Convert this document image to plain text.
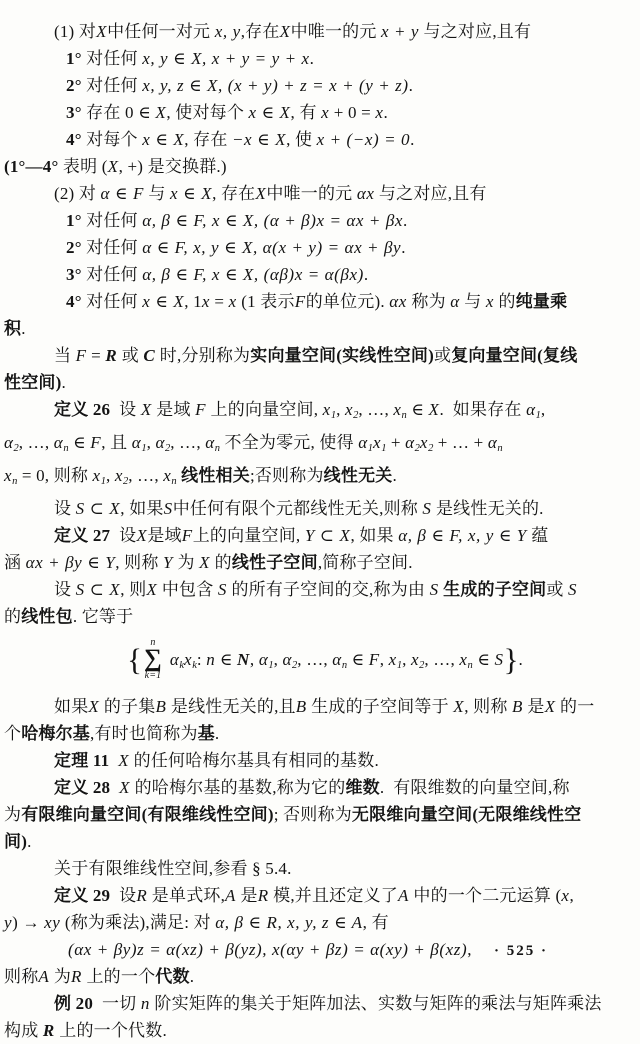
(1) 对X中任何一对元 x, y,存在X中唯一的元 x + y 与之对应,且有
1° 对任何 x, y ∈ X, x + y = y + x.
2° 对任何 x, y, z ∈ X, (x + y) + z = x + (y + z).
3° 存在 0 ∈ X, 使对每个 x ∈ X, 有 x + 0 = x.
4° 对每个 x ∈ X, 存在 −x ∈ X, 使 x + (−x) = 0.
(1°—4° 表明 (X, +) 是交换群.)
(2) 对 α ∈ F 与 x ∈ X, 存在X中唯一的元 αx 与之对应,且有
1° 对任何 α, β ∈ F, x ∈ X, (α + β)x = αx + βx.
2° 对任何 α ∈ F, x, y ∈ X, α(x + y) = αx + βy.
3° 对任何 α, β ∈ F, x ∈ X, (αβ)x = α(βx).
4° 对任何 x ∈ X, 1x = x (1 表示F的单位元). αx 称为 α 与 x 的纯量乘
积.
当 F = R 或 C 时,分别称为实向量空间(实线性空间)或复向量空间(复线
性空间).
定义 26  设 X 是域 F 上的向量空间, $x_1$, $x_2$, …, $x_n$ ∈ X.  如果存在 $\alpha_1$,
$\alpha_2$, …, $\alpha_n$ ∈ F, 且 $\alpha_1$, $\alpha_2$, …, $\alpha_n$ 不全为零元, 使得 $\alpha_1x_1 + \alpha_2x_2$ + … + $\alpha_n$
$x_n = 0$, 则称 $x_1$, $x_2$, …, $x_n$ 线性相关;否则称为线性无关.
设 S ⊂ X, 如果S中任何有限个元都线性无关,则称 S 是线性无关的.
定义 27  设X是域F上的向量空间, Y ⊂ X, 如果 α, β ∈ F, x, y ∈ Y 蕴
涵 αx + βy ∈ Y, 则称 Y 为 X 的线性子空间,简称子空间.
设 S ⊂ X, 则X 中包含 S 的所有子空间的交,称为由 S 生成的子空间或 S
的线性包. 它等于
{ n
∑
k=1
$\alpha_kx_k$: n ∈ N, $\alpha_1$, $\alpha_2$, …, $\alpha_n$ ∈ F, $x_1$, $x_2$, …, $x_n$ ∈ S}.
如果X 的子集B 是线性无关的,且B 生成的子空间等于 X, 则称 B 是X 的一
个哈梅尔基,有时也简称为基.
定理 11 X 的任何哈梅尔基具有相同的基数.
定义 28 X 的哈梅尔基的基数,称为它的维数.  有限维数的向量空间,称
为有限维向量空间(有限维线性空间); 否则称为无限维向量空间(无限维线性空
间).
关于有限维线性空间,参看 § 5.4.
定义 29  设R 是单式环,A 是R 模,并且还定义了A 中的一个二元运算 (x,
y) → xy (称为乘法),满足: 对 α, β ∈ R, x, y, z ∈ A, 有
(αx + βy)z = α(xz) + β(yz), x(αy + βz) = α(xy) + β(xz),
则称A 为R 上的一个代数.
例 20  一切 n 阶实矩阵的集关于矩阵加法、实数与矩阵的乘法与矩阵乘法
构成 R 上的一个代数.
· 525 ·
